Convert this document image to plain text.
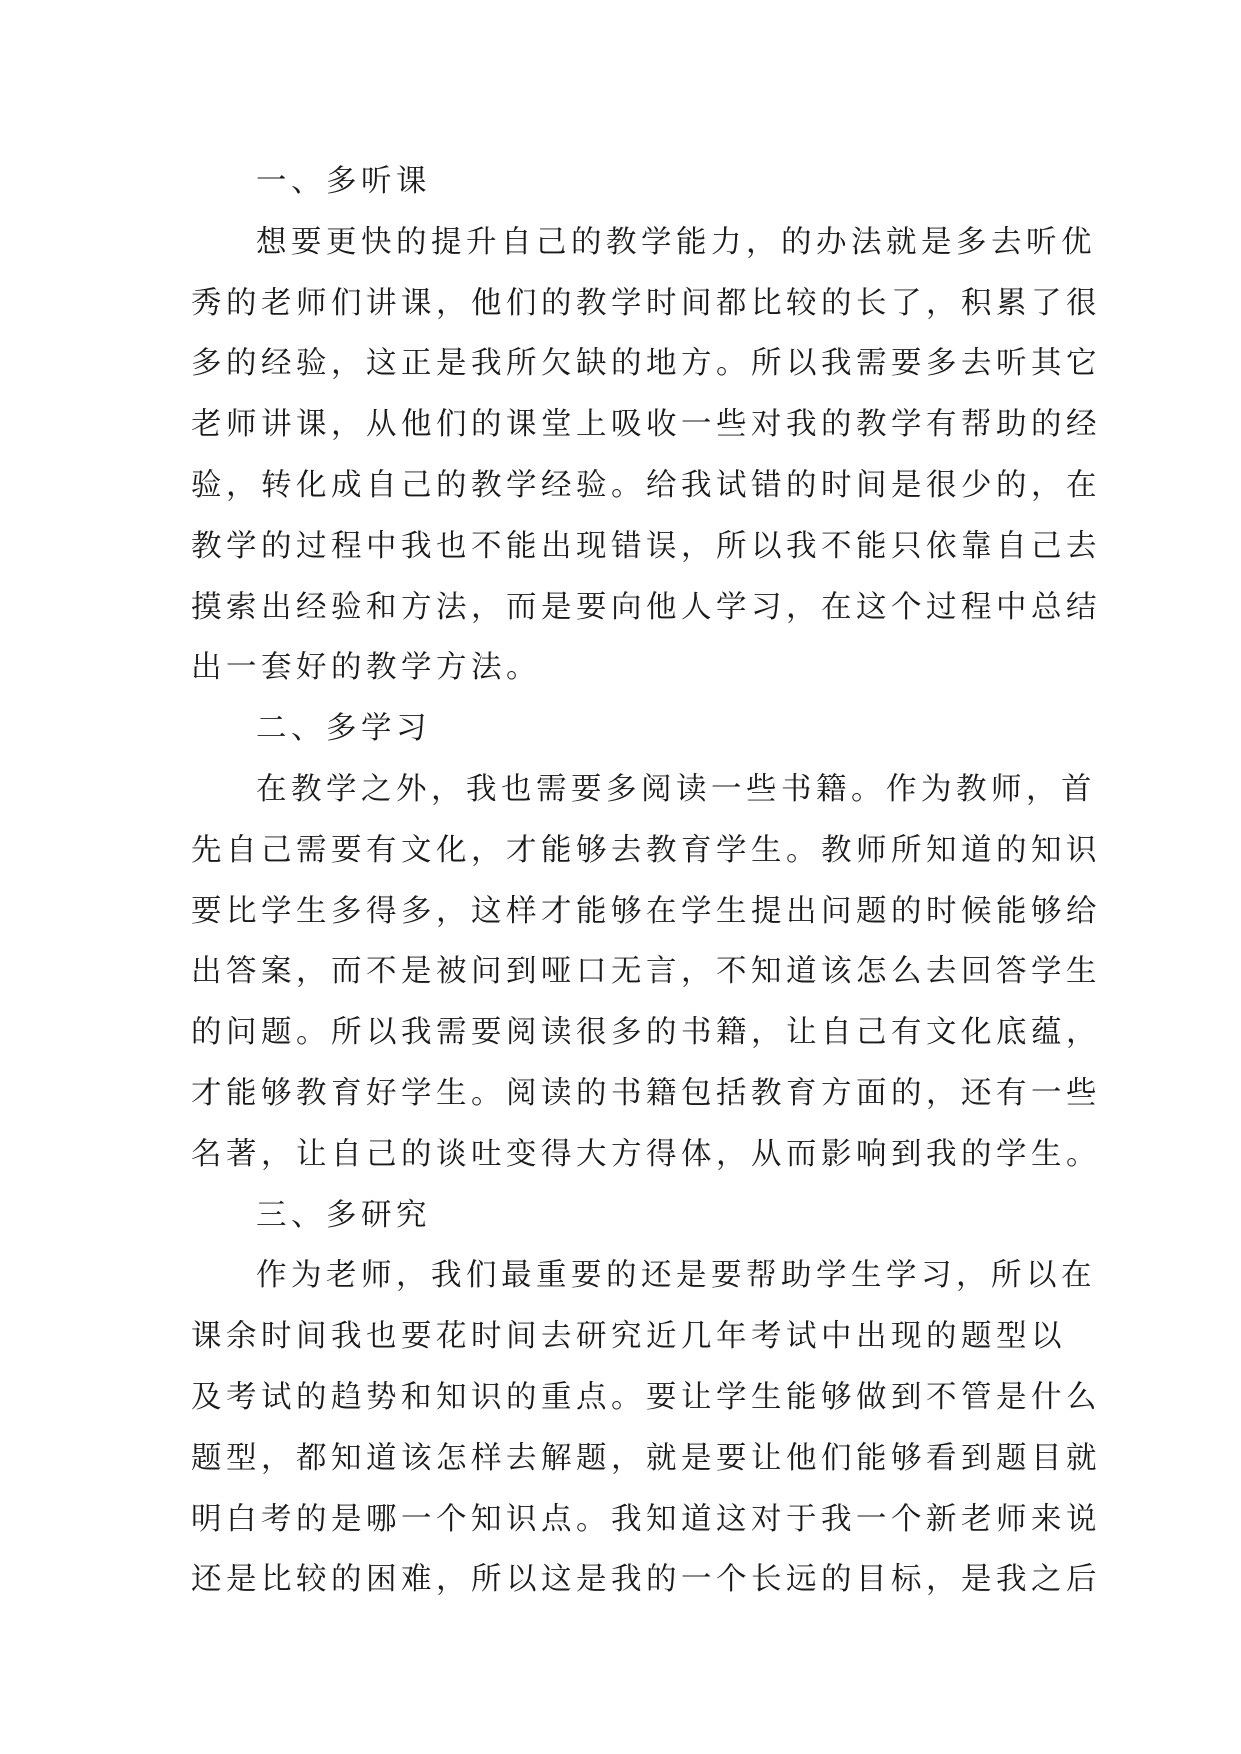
一、多听课
想要更快的提升自己的教学能力，的办法就是多去听优
秀的老师们讲课，他们的教学时间都比较的长了，积累了很
多的经验，这正是我所欠缺的地方。所以我需要多去听其它
老师讲课，从他们的课堂上吸收一些对我的教学有帮助的经
验，转化成自己的教学经验。给我试错的时间是很少的，在
教学的过程中我也不能出现错误，所以我不能只依靠自己去
摸索出经验和方法，而是要向他人学习，在这个过程中总结
出一套好的教学方法。
二、多学习
在教学之外，我也需要多阅读一些书籍。作为教师，首
先自己需要有文化，才能够去教育学生。教师所知道的知识
要比学生多得多，这样才能够在学生提出问题的时候能够给
出答案，而不是被问到哑口无言，不知道该怎么去回答学生
的问题。所以我需要阅读很多的书籍，让自己有文化底蕴，
才能够教育好学生。阅读的书籍包括教育方面的，还有一些
名著，让自己的谈吐变得大方得体，从而影响到我的学生。
三、多研究
作为老师，我们最重要的还是要帮助学生学习，所以在
课余时间我也要花时间去研究近几年考试中出现的题型以
及考试的趋势和知识的重点。要让学生能够做到不管是什么
题型，都知道该怎样去解题，就是要让他们能够看到题目就
明白考的是哪一个知识点。我知道这对于我一个新老师来说
还是比较的困难，所以这是我的一个长远的目标，是我之后
